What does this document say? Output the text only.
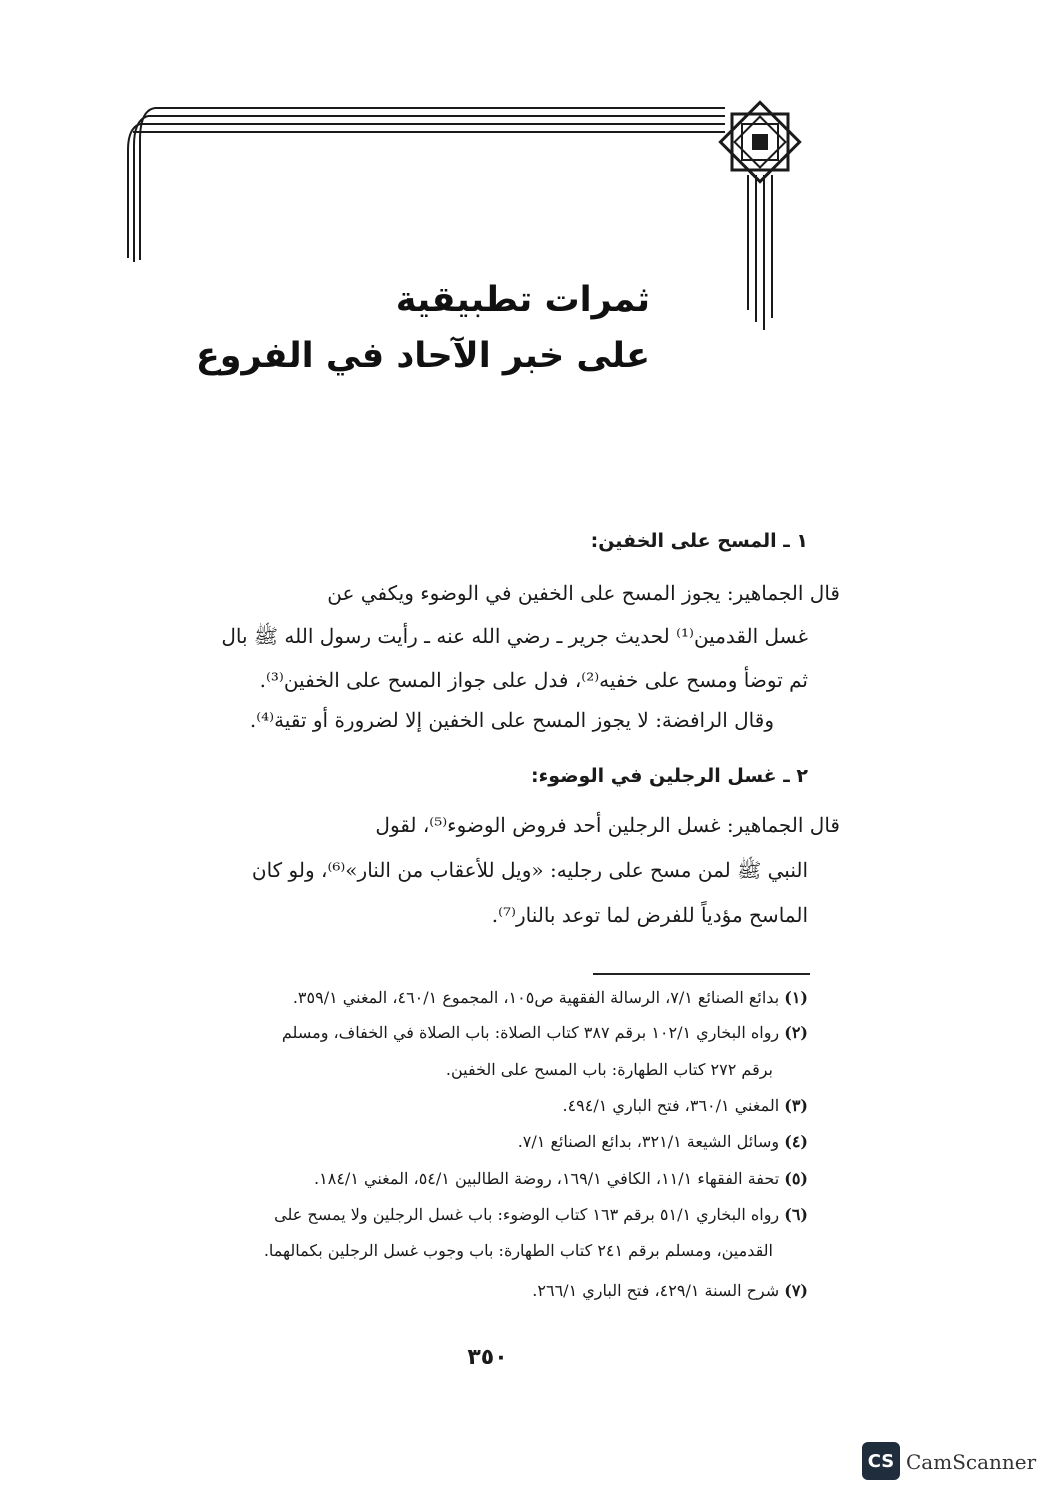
ثمرات تطبيقية
على خبر الآحاد في الفروع
١ ـ المسح على الخفين:
قال الجماهير: يجوز المسح على الخفين في الوضوء ويكفي عن
غسل القدمين⁽¹⁾ لحديث جرير ـ رضي الله عنه ـ رأيت رسول الله ﷺ بال
ثم توضأ ومسح على خفيه⁽²⁾، فدل على جواز المسح على الخفين⁽³⁾.
وقال الرافضة: لا يجوز المسح على الخفين إلا لضرورة أو تقية⁽⁴⁾.
٢ ـ غسل الرجلين في الوضوء:
قال الجماهير: غسل الرجلين أحد فروض الوضوء⁽⁵⁾، لقول
النبي ﷺ لمن مسح على رجليه: «ويل للأعقاب من النار»⁽⁶⁾، ولو كان
الماسح مؤدياً للفرض لما توعد بالنار⁽⁷⁾.
(١) بدائع الصنائع ٧/١، الرسالة الفقهية ص١٠٥، المجموع ٤٦٠/١، المغني ٣٥٩/١.
(٢) رواه البخاري ١٠٢/١ برقم ٣٨٧ كتاب الصلاة: باب الصلاة في الخفاف، ومسلم
برقم ٢٧٢ كتاب الطهارة: باب المسح على الخفين.
(٣) المغني ٣٦٠/١، فتح الباري ٤٩٤/١.
(٤) وسائل الشيعة ٣٢١/١، بدائع الصنائع ٧/١.
(٥) تحفة الفقهاء ١١/١، الكافي ١٦٩/١، روضة الطالبين ٥٤/١، المغني ١٨٤/١.
(٦) رواه البخاري ٥١/١ برقم ١٦٣ كتاب الوضوء: باب غسل الرجلين ولا يمسح على
القدمين، ومسلم برقم ٢٤١ كتاب الطهارة: باب وجوب غسل الرجلين بكمالهما.
(٧) شرح السنة ٤٢٩/١، فتح الباري ٢٦٦/١.
٣٥٠
CS CamScanner
